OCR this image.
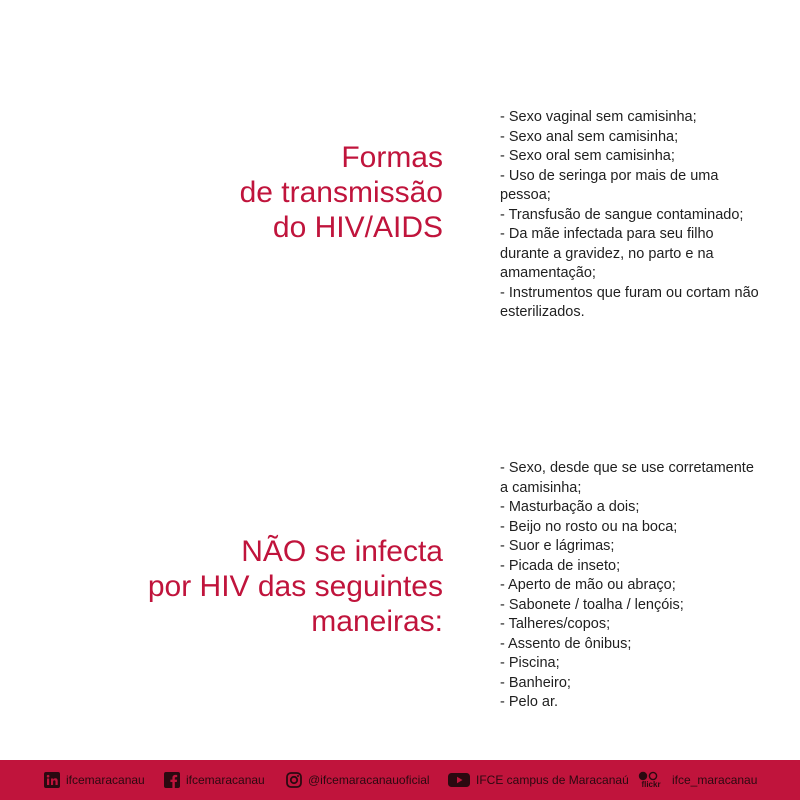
Formas
de transmissão
do HIV/AIDS
- Sexo vaginal sem camisinha;
- Sexo anal sem camisinha;
- Sexo oral sem camisinha;
- Uso de seringa por mais de uma pessoa;
- Transfusão de sangue contaminado;
- Da mãe infectada para seu filho durante a gravidez, no parto e na amamentação;
- Instrumentos que furam ou cortam não esterilizados.
NÃO se infecta
por HIV das seguintes
maneiras:
- Sexo, desde que se use corretamente a camisinha;
- Masturbação a dois;
- Beijo no rosto ou na boca;
- Suor e lágrimas;
- Picada de inseto;
- Aperto de mão ou abraço;
- Sabonete / toalha / lençóis;
- Talheres/copos;
- Assento de ônibus;
- Piscina;
- Banheiro;
- Pelo ar.
ifcemaracanau	ifcemaracanau	@ifcemaracanauoficial	IFCE campus de Maracanaú flickr ifce_maracanau
